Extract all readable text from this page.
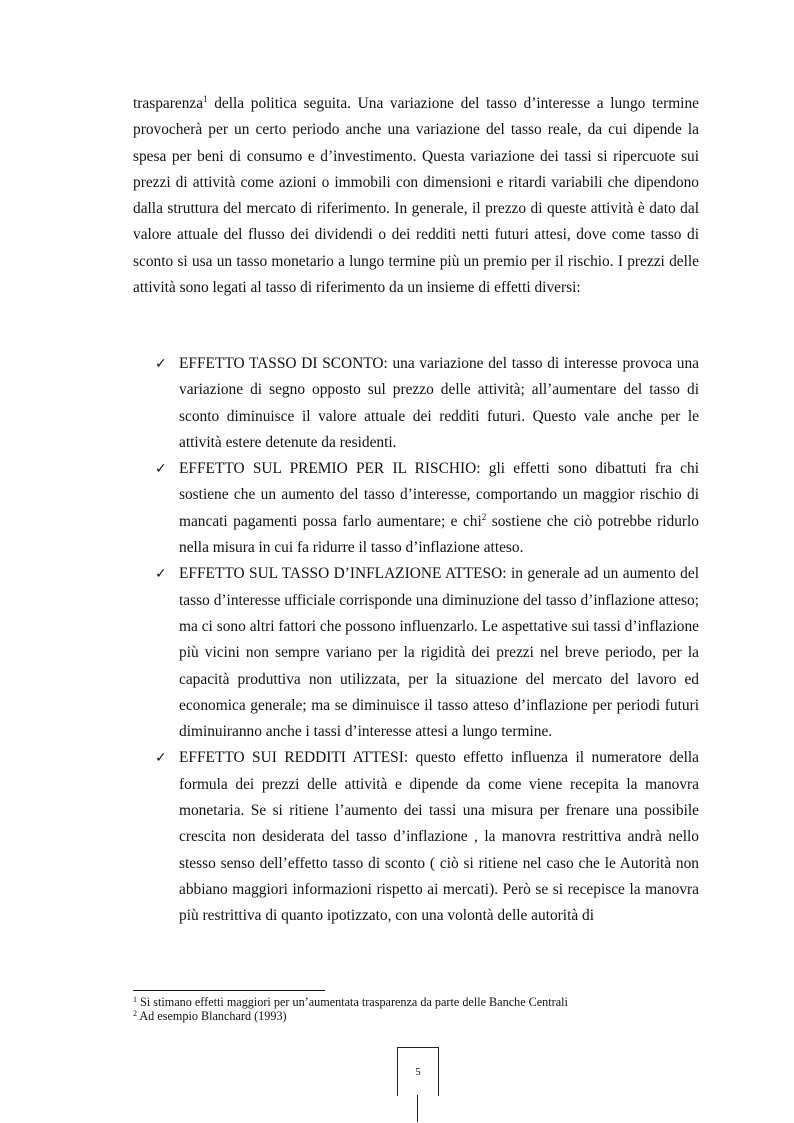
trasparenza$^1$ della politica seguita. Una variazione del tasso d’interesse a lungo termine provocherà per un certo periodo anche una variazione del tasso reale, da cui dipende la spesa per beni di consumo e d’investimento. Questa variazione dei tassi si ripercuote sui prezzi di attività come azioni o immobili con dimensioni e ritardi variabili che dipendono dalla struttura del mercato di riferimento. In generale, il prezzo di queste attività è dato dal valore attuale del flusso dei dividendi o dei redditi netti futuri attesi, dove come tasso di sconto si usa un tasso monetario a lungo termine più un premio per il rischio. I prezzi delle attività sono legati al tasso di riferimento da un insieme di effetti diversi:

✓ EFFETTO TASSO DI SCONTO: una variazione del tasso di interesse provoca una variazione di segno opposto sul prezzo delle attività; all’aumentare del tasso di sconto diminuisce il valore attuale dei redditi futuri. Questo vale anche per le attività estere detenute da residenti.
✓ EFFETTO SUL PREMIO PER IL RISCHIO: gli effetti sono dibattuti fra chi sostiene che un aumento del tasso d’interesse, comportando un maggior rischio di mancati pagamenti possa farlo aumentare; e chi$^2$ sostiene che ciò potrebbe ridurlo nella misura in cui fa ridurre il tasso d’inflazione atteso.
✓ EFFETTO SUL TASSO D’INFLAZIONE ATTESO: in generale ad un aumento del tasso d’interesse ufficiale corrisponde una diminuzione del tasso d’inflazione atteso; ma ci sono altri fattori che possono influenzarlo. Le aspettative sui tassi d’inflazione più vicini non sempre variano per la rigidità dei prezzi nel breve periodo, per la capacità produttiva non utilizzata, per la situazione del mercato del lavoro ed economica generale; ma se diminuisce il tasso atteso d’inflazione per periodi futuri diminuiranno anche i tassi d’interesse attesi a lungo termine.
✓ EFFETTO SUI REDDITI ATTESI: questo effetto influenza il numeratore della formula dei prezzi delle attività e dipende da come viene recepita la manovra monetaria. Se si ritiene l’aumento dei tassi una misura per frenare una possibile crescita non desiderata del tasso d’inflazione , la manovra restrittiva andrà nello stesso senso dell’effetto tasso di sconto ( ciò si ritiene nel caso che le Autorità non abbiano maggiori informazioni rispetto ai mercati). Però se si recepisce la manovra più restrittiva di quanto ipotizzato, con una volontà delle autorità di
$^1$ Si stimano effetti maggiori per un’aumentata trasparenza da parte delle Banche Centrali
$^2$ Ad esempio Blanchard (1993)
5
